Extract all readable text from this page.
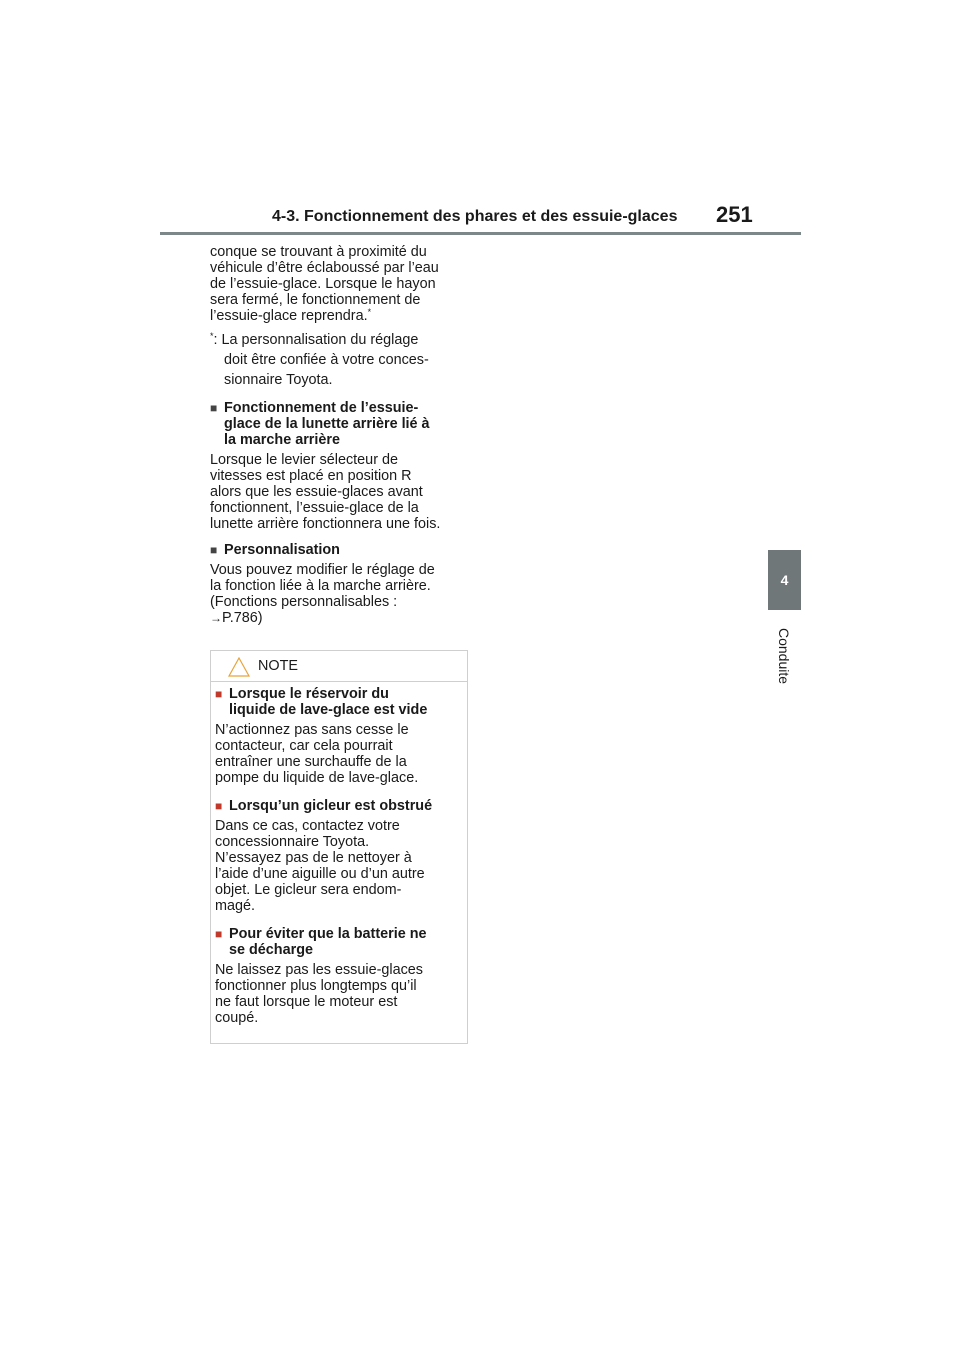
4-3. Fonctionnement des phares et des essuie-glaces 251
4
Conduite

conque se trouvant à proximité du
véhicule d’être éclaboussé par l’eau
de l’essuie-glace. Lorsque le hayon
sera fermé, le fonctionnement de
l’essuie-glace reprendra.*

*: La personnalisation du réglage
doit être confiée à votre conces-
sionnaire Toyota.

■ Fonctionnement de l’essuie-
glace de la lunette arrière lié à
la marche arrière

Lorsque le levier sélecteur de
vitesses est placé en position R
alors que les essuie-glaces avant
fonctionnent, l’essuie-glace de la
lunette arrière fonctionnera une fois.

■ Personnalisation

Vous pouvez modifier le réglage de
la fonction liée à la marche arrière.
(Fonctions personnalisables :
→P.786)

NOTE

■ Lorsque le réservoir du
liquide de lave-glace est vide

N’actionnez pas sans cesse le
contacteur, car cela pourrait
entraîner une surchauffe de la
pompe du liquide de lave-glace.

■ Lorsqu’un gicleur est obstrué

Dans ce cas, contactez votre
concessionnaire Toyota.
N’essayez pas de le nettoyer à
l’aide d’une aiguille ou d’un autre
objet. Le gicleur sera endom-
magé.

■ Pour éviter que la batterie ne
se décharge

Ne laissez pas les essuie-glaces
fonctionner plus longtemps qu’il
ne faut lorsque le moteur est
coupé.
